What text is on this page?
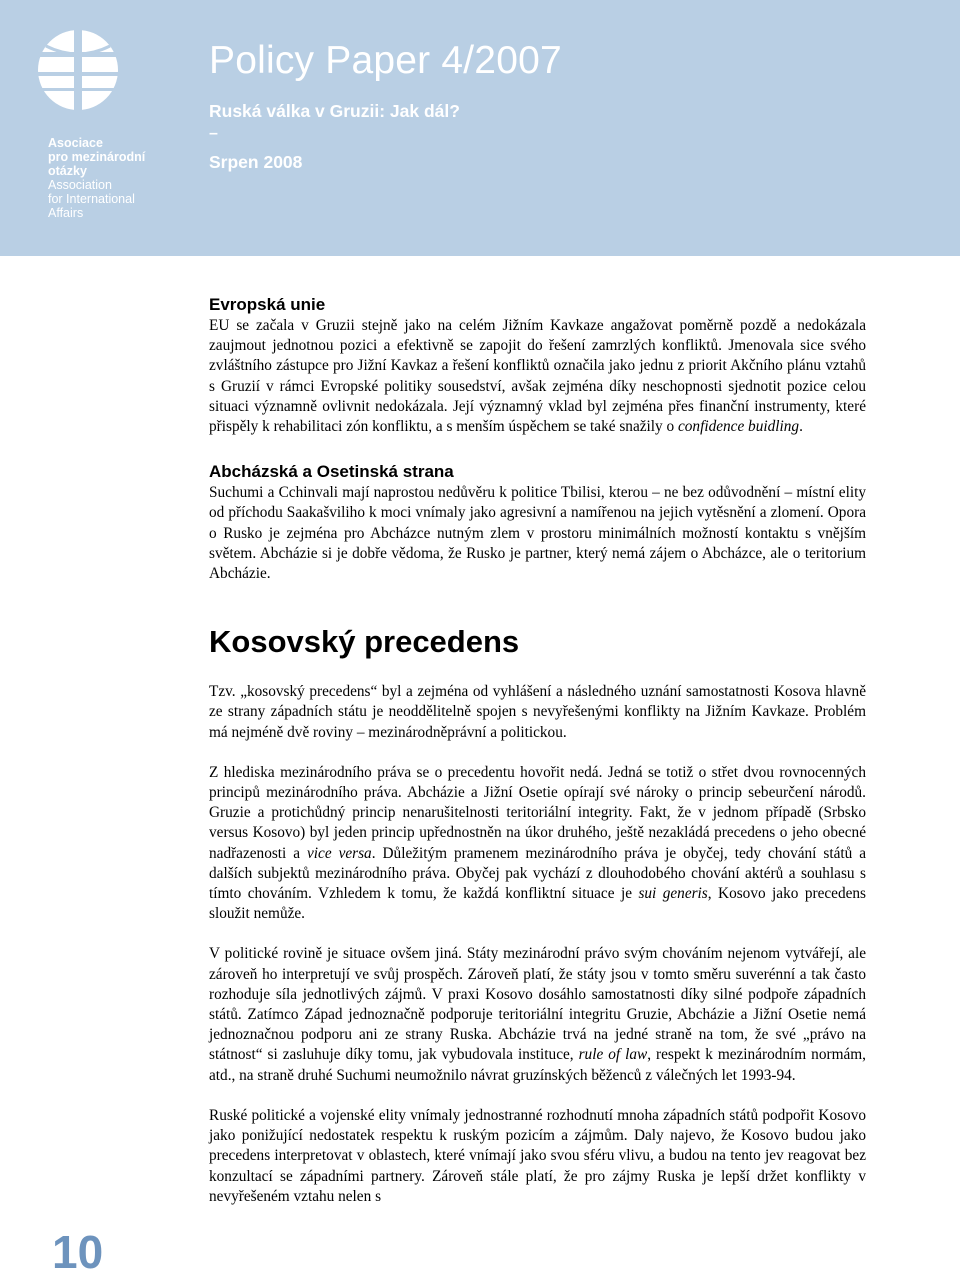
Asociace
pro mezinárodní
otázky
Association
for International
Affairs
Policy Paper 4/2007
Ruská válka v Gruzii: Jak dál?
–
Srpen 2008
Evropská unie

EU se začala v Gruzii stejně jako na celém Jižním Kavkaze angažovat poměrně pozdě a nedokázala zaujmout jednotnou pozici a efektivně se zapojit do řešení zamrzlých konfliktů. Jmenovala sice svého zvláštního zástupce pro Jižní Kavkaz a řešení konfliktů označila jako jednu z priorit Akčního plánu vztahů s Gruzií v rámci Evropské politiky sousedství, avšak zejména díky neschopnosti sjednotit pozice celou situaci významně ovlivnit nedokázala. Její významný vklad byl zejména přes finanční instrumenty, které přispěly k rehabilitaci zón konfliktu, a s menším úspěchem se také snažily o confidence buidling.

Abcházská a Osetinská strana

Suchumi a Cchinvali mají naprostou nedůvěru k politice Tbilisi, kterou – ne bez odůvodnění – místní elity od příchodu Saakašviliho k moci vnímaly jako agresivní a namířenou na jejich vytěsnění a zlomení. Opora o Rusko je zejména pro Abcházce nutným zlem v prostoru minimálních možností kontaktu s vnějším světem. Abcházie si je dobře vědoma, že Rusko je partner, který nemá zájem o Abcházce, ale o teritorium Abcházie.

Kosovský precedens

Tzv. „kosovský precedens“ byl a zejména od vyhlášení a následného uznání samostatnosti Kosova hlavně ze strany západních státu je neoddělitelně spojen s nevyřešenými konflikty na Jižním Kavkaze. Problém má nejméně dvě roviny – mezinárodněprávní a politickou.

Z hlediska mezinárodního práva se o precedentu hovořit nedá. Jedná se totiž o střet dvou rovnocenných principů mezinárodního práva. Abcházie a Jižní Osetie opírají své nároky o princip sebeurčení národů. Gruzie a protichůdný princip nenarušitelnosti teritoriální integrity. Fakt, že v jednom případě (Srbsko versus Kosovo) byl jeden princip upřednostněn na úkor druhého, ještě nezakládá precedens o jeho obecné nadřazenosti a vice versa. Důležitým pramenem mezinárodního práva je obyčej, tedy chování států a dalších subjektů mezinárodního práva. Obyčej pak vychází z dlouhodobého chování aktérů a souhlasu s tímto chováním. Vzhledem k tomu, že každá konfliktní situace je sui generis, Kosovo jako precedens sloužit nemůže.

V politické rovině je situace ovšem jiná. Státy mezinárodní právo svým chováním nejenom vytvářejí, ale zároveň ho interpretují ve svůj prospěch. Zároveň platí, že státy jsou v tomto směru suverénní a tak často rozhoduje síla jednotlivých zájmů. V praxi Kosovo dosáhlo samostatnosti díky silné podpoře západních států. Zatímco Západ jednoznačně podporuje teritoriální integritu Gruzie, Abcházie a Jižní Osetie nemá jednoznačnou podporu ani ze strany Ruska. Abcházie trvá na jedné straně na tom, že své „právo na státnost“ si zasluhuje díky tomu, jak vybudovala instituce, rule of law, respekt k mezinárodním normám, atd., na straně druhé Suchumi neumožnilo návrat gruzínských běženců z válečných let 1993-94.

Ruské politické a vojenské elity vnímaly jednostranné rozhodnutí mnoha západních států podpořit Kosovo jako ponižující nedostatek respektu k ruským pozicím a zájmům. Daly najevo, že Kosovo budou jako precedens interpretovat v oblastech, které vnímají jako svou sféru vlivu, a budou na tento jev reagovat bez konzultací se západními partnery. Zároveň stále platí, že pro zájmy Ruska je lepší držet konflikty v nevyřešeném vztahu nelen s

10
